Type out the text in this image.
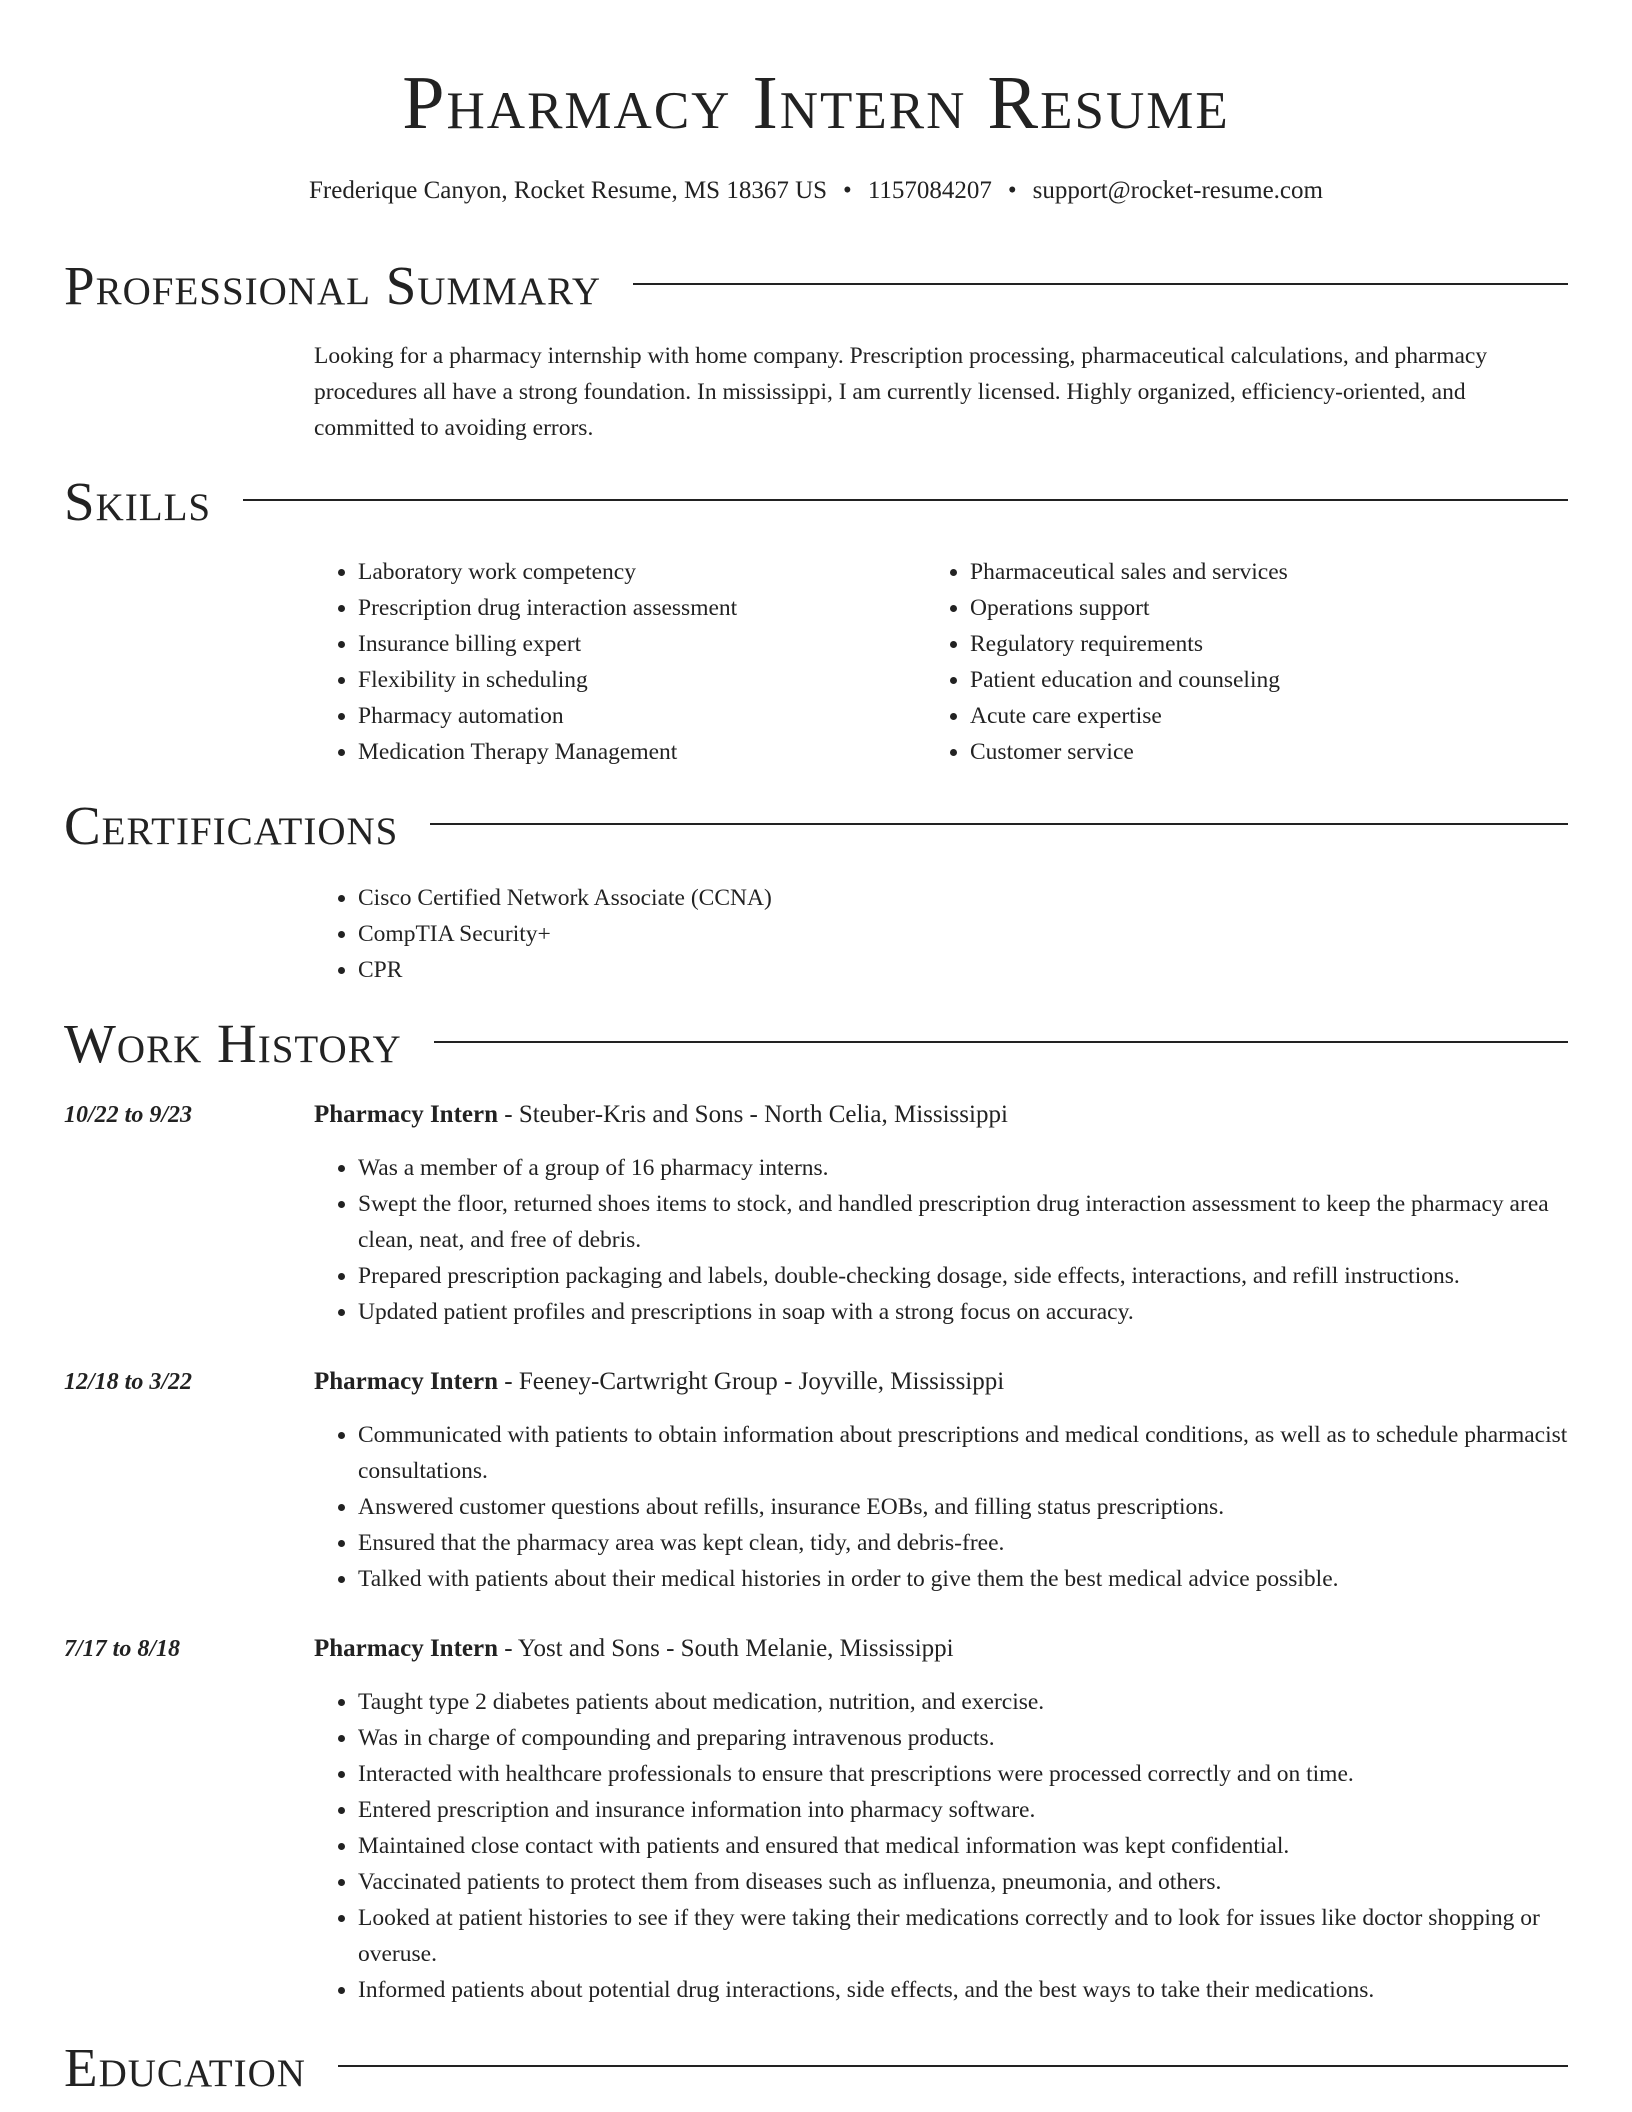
Pharmacy Intern Resume
Frederique Canyon, Rocket Resume, MS 18367 US • 1157084207 • support@rocket-resume.com
Professional Summary

Looking for a pharmacy internship with home company. Prescription processing, pharmaceutical calculations, and pharmacy procedures all have a strong foundation. In mississippi, I am currently licensed. Highly organized, efficiency-oriented, and committed to avoiding errors.

Skills
• Laboratory work competency
• Prescription drug interaction assessment
• Insurance billing expert
• Flexibility in scheduling
• Pharmacy automation
• Medication Therapy Management
• Pharmaceutical sales and services
• Operations support
• Regulatory requirements
• Patient education and counseling
• Acute care expertise
• Customer service
Certifications
• Cisco Certified Network Associate (CCNA)
• CompTIA Security+
• CPR
Work History
10/22 to 9/23	Pharmacy Intern - Steuber-Kris and Sons - North Celia, Mississippi
• Was a member of a group of 16 pharmacy interns.
• Swept the floor, returned shoes items to stock, and handled prescription drug interaction assessment to keep the pharmacy area clean, neat, and free of debris.
• Prepared prescription packaging and labels, double-checking dosage, side effects, interactions, and refill instructions.
• Updated patient profiles and prescriptions in soap with a strong focus on accuracy.
12/18 to 3/22	Pharmacy Intern - Feeney-Cartwright Group - Joyville, Mississippi
• Communicated with patients to obtain information about prescriptions and medical conditions, as well as to schedule pharmacist consultations.
• Answered customer questions about refills, insurance EOBs, and filling status prescriptions.
• Ensured that the pharmacy area was kept clean, tidy, and debris-free.
• Talked with patients about their medical histories in order to give them the best medical advice possible.
7/17 to 8/18	Pharmacy Intern - Yost and Sons - South Melanie, Mississippi
• Taught type 2 diabetes patients about medication, nutrition, and exercise.
• Was in charge of compounding and preparing intravenous products.
• Interacted with healthcare professionals to ensure that prescriptions were processed correctly and on time.
• Entered prescription and insurance information into pharmacy software.
• Maintained close contact with patients and ensured that medical information was kept confidential.
• Vaccinated patients to protect them from diseases such as influenza, pneumonia, and others.
• Looked at patient histories to see if they were taking their medications correctly and to look for issues like doctor shopping or overuse.
• Informed patients about potential drug interactions, side effects, and the best ways to take their medications.
Education
